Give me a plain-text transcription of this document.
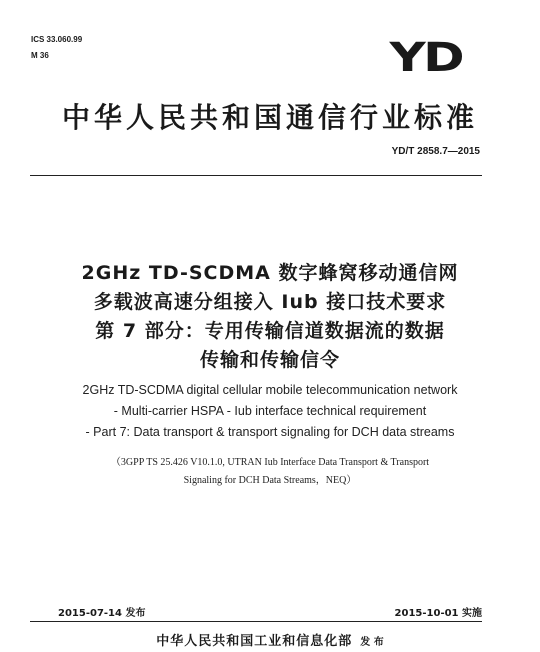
ICS 33.060.99
M 36	YD
中华人民共和国通信行业标准
YD/T 2858.7—2015
2GHz TD-SCDMA 数字蜂窝移动通信网
多载波高速分组接入 Iub 接口技术要求
第 7 部分：专用传输信道数据流的数据
传输和传输信令
2GHz TD-SCDMA digital cellular mobile telecommunication network
- Multi-carrier HSPA - Iub interface technical requirement
- Part 7: Data transport & transport signaling for DCH data streams
（3GPP TS 25.426 V10.1.0, UTRAN Iub Interface Data Transport & Transport
Signaling for DCH Data Streams，NEQ）
2015-07-14 发布	2015-10-01 实施
中华人民共和国工业和信息化部 发 布
